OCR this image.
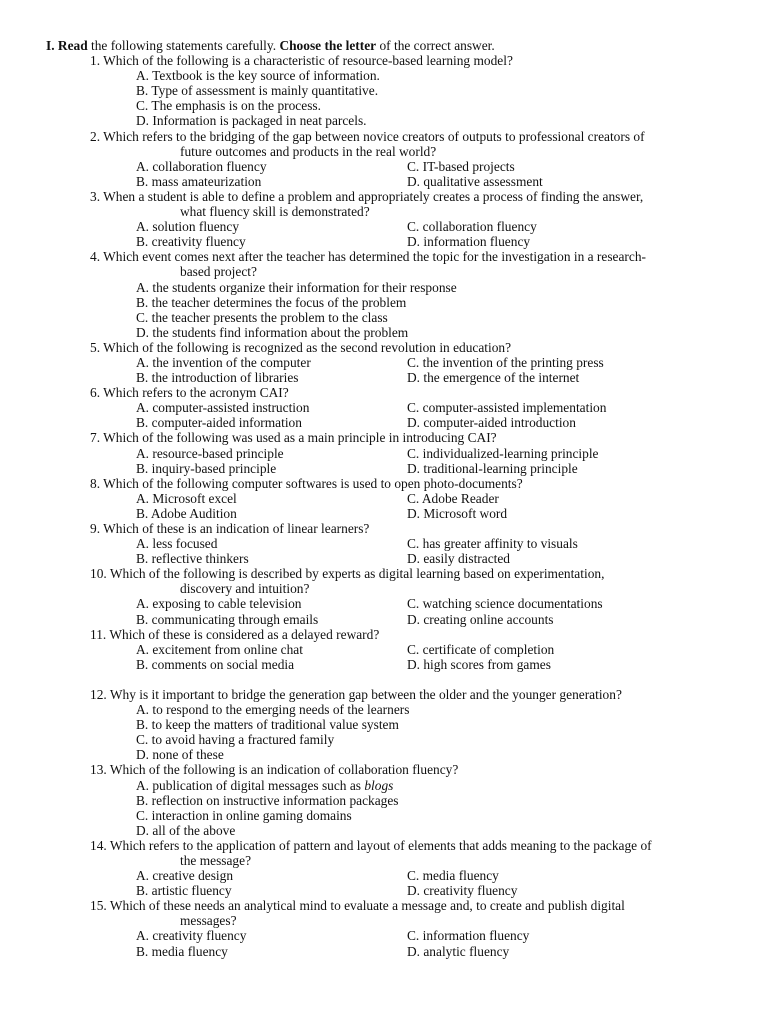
I. Read the following statements carefully. Choose the letter of the correct answer.
1. Which of the following is a characteristic of resource-based learning model?
A. Textbook is the key source of information.
B. Type of assessment is mainly quantitative.
C. The emphasis is on the process.
D. Information is packaged in neat parcels.
2. Which refers to the bridging of the gap between novice creators of outputs to professional creators of
future outcomes and products in the real world?
A. collaboration fluency	C. IT-based projects
B. mass amateurization	D. qualitative assessment
3. When a student is able to define a problem and appropriately creates a process of finding the answer,
what fluency skill is demonstrated?
A. solution fluency	C. collaboration fluency
B. creativity fluency	D. information fluency
4. Which event comes next after the teacher has determined the topic for the investigation in a research-
based project?
A. the students organize their information for their response
B. the teacher determines the focus of the problem
C. the teacher presents the problem to the class
D. the students find information about the problem
5. Which of the following is recognized as the second revolution in education?
A. the invention of the computer	C. the invention of the printing press
B. the introduction of libraries	D. the emergence of the internet
6. Which refers to the acronym CAI?
A. computer-assisted instruction	C. computer-assisted implementation
B. computer-aided information	D. computer-aided introduction
7. Which of the following was used as a main principle in introducing CAI?
A. resource-based principle	C. individualized-learning principle
B. inquiry-based principle	D. traditional-learning principle
8. Which of the following computer softwares is used to open photo-documents?
A. Microsoft excel	C. Adobe Reader
B. Adobe Audition	D. Microsoft word
9. Which of these is an indication of linear learners?
A. less focused	C. has greater affinity to visuals
B. reflective thinkers	D. easily distracted
10. Which of the following is described by experts as digital learning based on experimentation,
discovery and intuition?
A. exposing to cable television	C. watching science documentations
B. communicating through emails	D. creating online accounts
11. Which of these is considered as a delayed reward?
A. excitement from online chat	C. certificate of completion
B. comments on social media	D. high scores from games
12. Why is it important to bridge the generation gap between the older and the younger generation?
A. to respond to the emerging needs of the learners
B. to keep the matters of traditional value system
C. to avoid having a fractured family
D. none of these
13. Which of the following is an indication of collaboration fluency?
A. publication of digital messages such as blogs
B. reflection on instructive information packages
C. interaction in online gaming domains
D. all of the above
14. Which refers to the application of pattern and layout of elements that adds meaning to the package of
the message?
A. creative design	C. media fluency
B. artistic fluency	D. creativity fluency
15. Which of these needs an analytical mind to evaluate a message and, to create and publish digital
messages?
A. creativity fluency	C. information fluency
B. media fluency	D. analytic fluency
